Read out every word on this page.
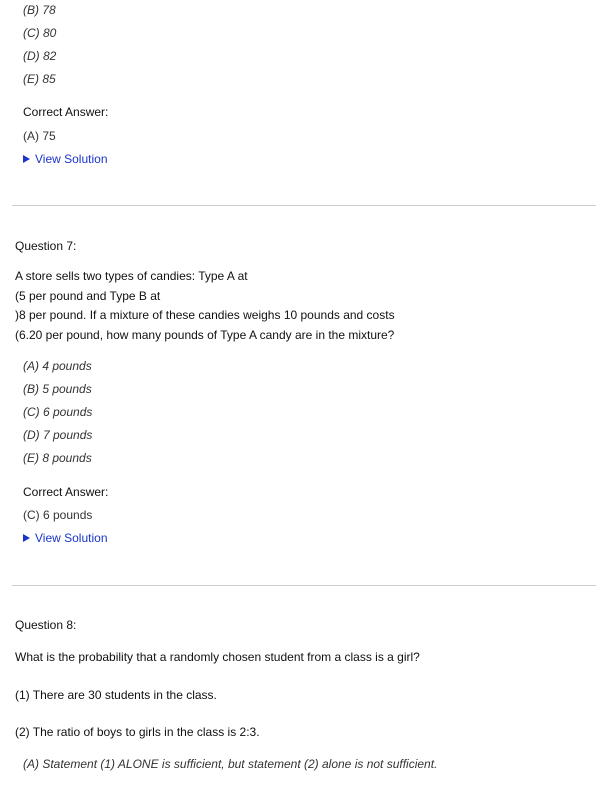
(B) 78
(C) 80
(D) 82
(E) 85
Correct Answer:
(A) 75
View Solution
Question 7:
A store sells two types of candies: Type A at
(5 per pound and Type B at
)8 per pound. If a mixture of these candies weighs 10 pounds and costs
(6.20 per pound, how many pounds of Type A candy are in the mixture?
(A) 4 pounds
(B) 5 pounds
(C) 6 pounds
(D) 7 pounds
(E) 8 pounds
Correct Answer:
(C) 6 pounds
View Solution
Question 8:
What is the probability that a randomly chosen student from a class is a girl?
(1) There are 30 students in the class.
(2) The ratio of boys to girls in the class is 2:3.
(A) Statement (1) ALONE is sufficient, but statement (2) alone is not sufficient.
